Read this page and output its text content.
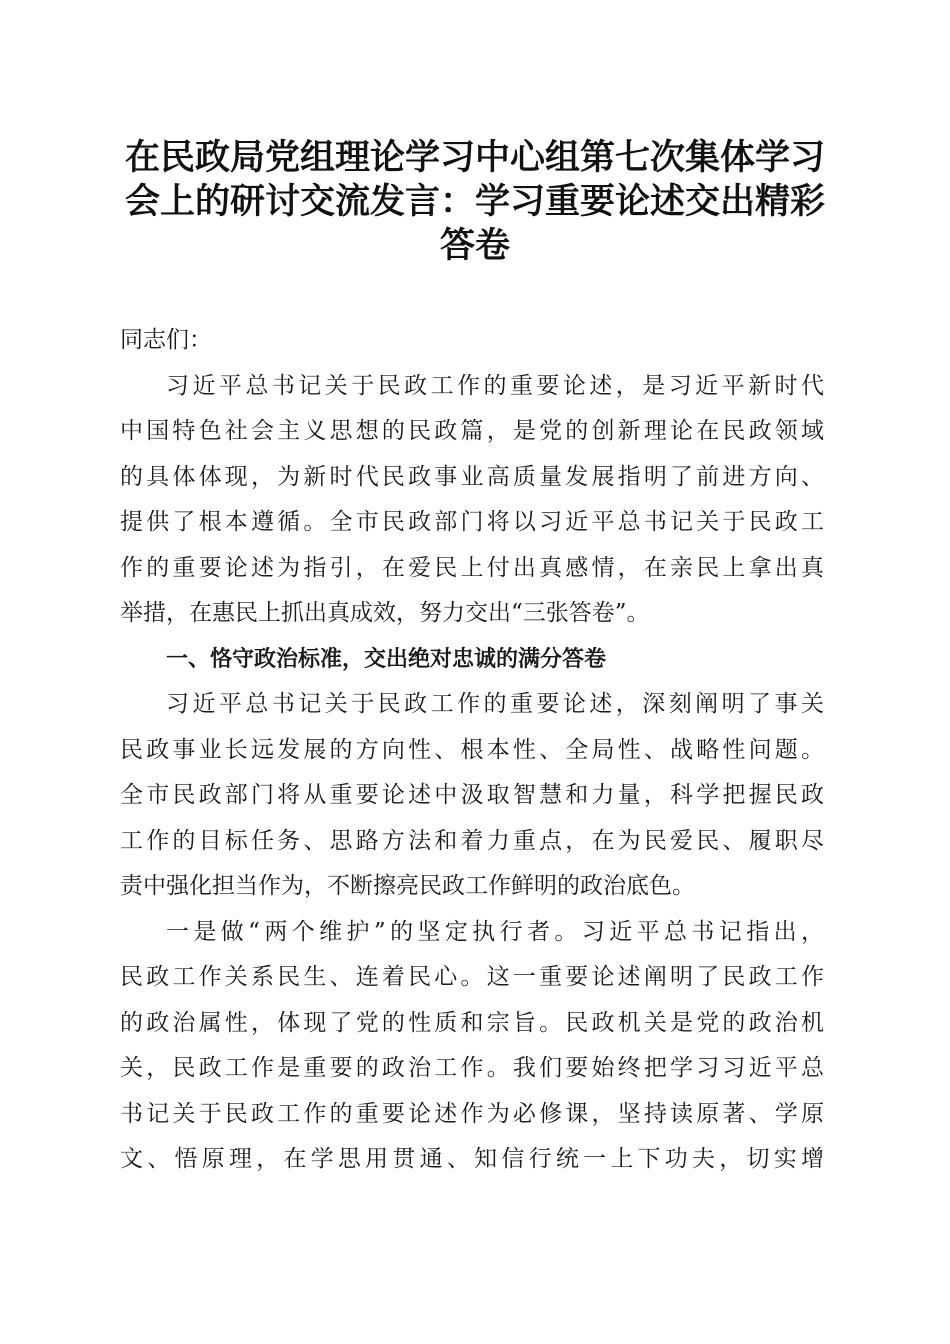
在民政局党组理论学习中心组第七次集体学习
会上的研讨交流发言：学习重要论述交出精彩
答卷
同志们：
习近平总书记关于民政工作的重要论述，是习近平新时代
中国特色社会主义思想的民政篇，是党的创新理论在民政领域
的具体体现，为新时代民政事业高质量发展指明了前进方向、
提供了根本遵循。全市民政部门将以习近平总书记关于民政工
作的重要论述为指引，在爱民上付出真感情，在亲民上拿出真
举措，在惠民上抓出真成效，努力交出“三张答卷”。
一、恪守政治标准，交出绝对忠诚的满分答卷
习近平总书记关于民政工作的重要论述，深刻阐明了事关
民政事业长远发展的方向性、根本性、全局性、战略性问题。
全市民政部门将从重要论述中汲取智慧和力量，科学把握民政
工作的目标任务、思路方法和着力重点，在为民爱民、履职尽
责中强化担当作为，不断擦亮民政工作鲜明的政治底色。
一是做“两个维护”的坚定执行者。习近平总书记指出，
民政工作关系民生、连着民心。这一重要论述阐明了民政工作
的政治属性，体现了党的性质和宗旨。民政机关是党的政治机
关，民政工作是重要的政治工作。我们要始终把学习习近平总
书记关于民政工作的重要论述作为必修课，坚持读原著、学原
文、悟原理，在学思用贯通、知信行统一上下功夫，切实增
